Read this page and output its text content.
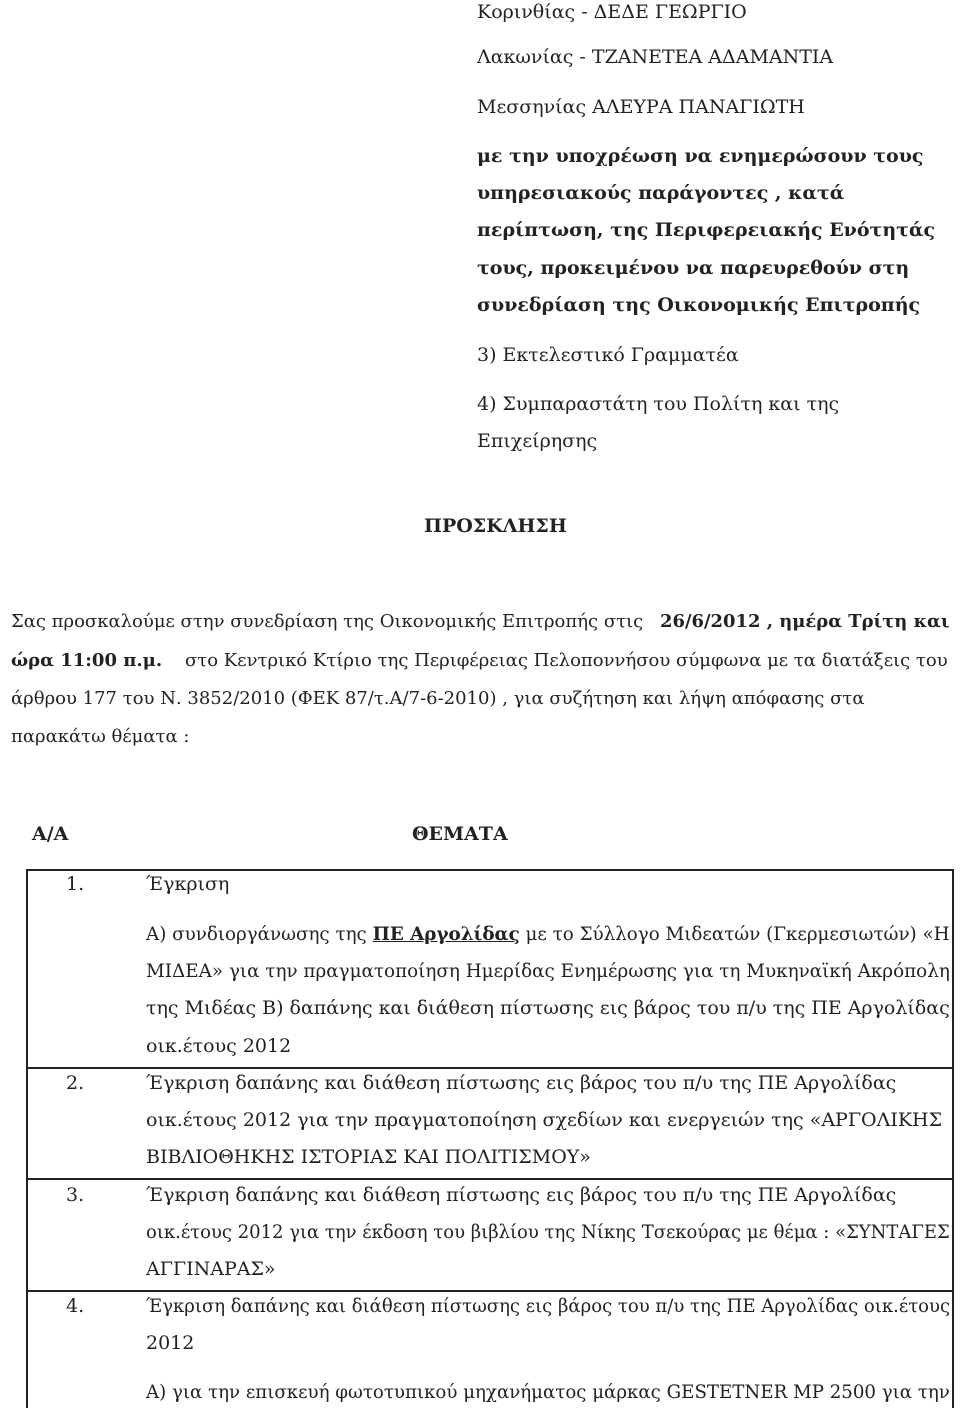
Κορινθίας - ΔΕΔΕ ΓΕΩΡΓΙΟ
Λακωνίας - ΤΖΑΝΕΤΕΑ ΑΔΑΜΑΝΤΙΑ
Μεσσηνίας ΑΛΕΥΡΑ ΠΑΝΑΓΙΩΤΗ
με την υποχρέωση να ενημερώσουν τους
υπηρεσιακούς παράγοντες , κατά
περίπτωση, της Περιφερειακής Ενότητάς
τους, προκειμένου να παρευρεθούν στη
συνεδρίαση της Οικονομικής Επιτροπής
3) Εκτελεστικό Γραμματέα
4) Συμπαραστάτη του Πολίτη και της
Επιχείρησης
ΠΡΟΣΚΛΗΣΗ
Σας προσκαλούμε στην συνεδρίαση της Οικονομικής Επιτροπής στις 26/6/2012 , ημέρα Τρίτη και
ώρα 11:00 π.μ. στο Κεντρικό Κτίριο της Περιφέρειας Πελοποννήσου σύμφωνα με τα διατάξεις του
άρθρου 177 του Ν. 3852/2010 (ΦΕΚ 87/τ.Α/7-6-2010) , για συζήτηση και λήψη απόφασης στα
παρακάτω θέματα :
Α/Α	ΘΕΜΑΤΑ
1.	Έγκριση
Α) συνδιοργάνωσης της ΠΕ Αργολίδας με το Σύλλογο Μιδεατών (Γκερμεσιωτών) «Η
ΜΙΔΕΑ» για την πραγματοποίηση Ημερίδας Ενημέρωσης για τη Μυκηναϊκή Ακρόπολη
της Μιδέας Β) δαπάνης και διάθεση πίστωσης εις βάρος του π/υ της ΠΕ Αργολίδας
οικ.έτους 2012
2.	Έγκριση δαπάνης και διάθεση πίστωσης εις βάρος του π/υ της ΠΕ Αργολίδας
οικ.έτους 2012 για την πραγματοποίηση σχεδίων και ενεργειών της «ΑΡΓΟΛΙΚΗΣ
ΒΙΒΛΙΟΘΗΚΗΣ ΙΣΤΟΡΙΑΣ ΚΑΙ ΠΟΛΙΤΙΣΜΟΥ»
3.	Έγκριση δαπάνης και διάθεση πίστωσης εις βάρος του π/υ της ΠΕ Αργολίδας
οικ.έτους 2012 για την έκδοση του βιβλίου της Νίκης Τσεκούρας με θέμα : «ΣΥΝΤΑΓΕΣ
ΑΓΓΙΝΑΡΑΣ»
4.	Έγκριση δαπάνης και διάθεση πίστωσης εις βάρος του π/υ της ΠΕ Αργολίδας οικ.έτους
2012
Α) για την επισκευή φωτοτυπικού μηχανήματος μάρκας GESTETNER MP 2500 για την
